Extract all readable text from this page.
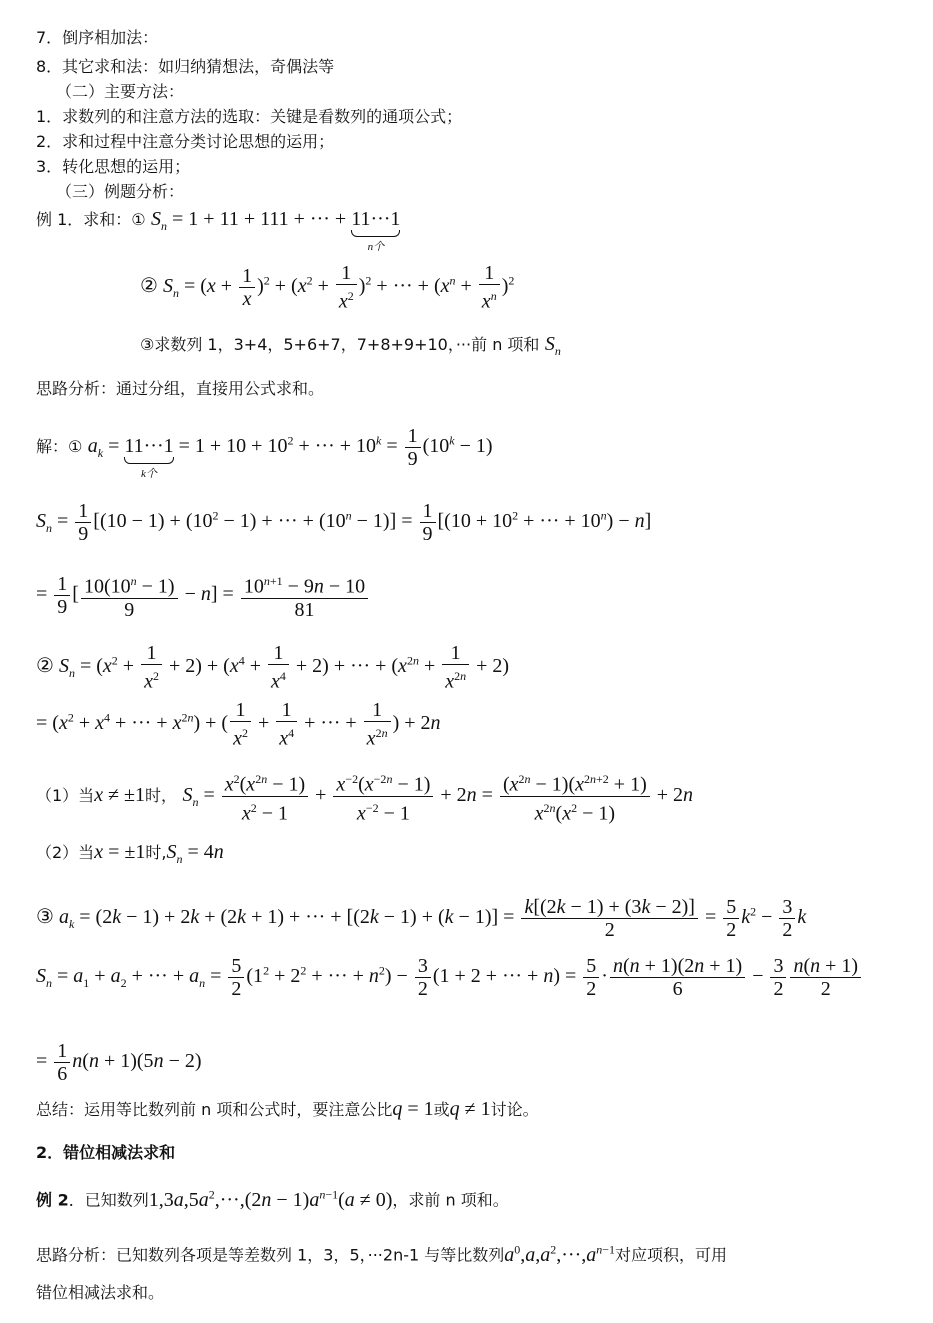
7．倒序相加法：
8．其它求和法：如归纳猜想法，奇偶法等
（二）主要方法：
1．求数列的和注意方法的选取：关键是看数列的通项公式；
2．求和过程中注意分类讨论思想的运用；
3．转化思想的运用；
（三）例题分析：
例 1．求和：① $S_n = 1 + 11 + 111$ + ··· + 11···1
n个
② $S_n = (x + \frac{1}{x} )^2 + (x^2 + \frac{1}{x^2} )^2$ + ··· + $(x^n + \frac{1}{x^n} )^2$
③求数列 1，3+4，5+6+7，7+8+9+10，···前 n 项和 $S_n$
思路分析：通过分组，直接用公式求和。
解：① $a_k = 11\cdot\cdot\cdot 1$
k个
= $1 + 10 + 10^2$ + ··· + $10^k = \frac{1}{9} (10^k - 1)$
$S_n = \frac{1}{9} [(10 - 1) + (10^2 - 1)$ + ··· + $(10^n - 1)] = \frac{1}{9} [(10 + 10^2$ + ··· + $10^n) - n$]
= $\frac{1}{9}$ [ $\frac{10(10^n - 1)}{9} - n] = \frac{10^{n+1} - 9n - 10}{81}$
② $S_n = (x^2 + \frac{1}{x^2} + 2) + (x^4 + \frac{1}{x^4} + 2)$ + ··· + $(x^{2n} + \frac{1}{x^{2n}} + 2)$
= ($x^2 + x^4$ + ··· + $x^{2n}$) + ( $\frac{1}{x^2} + \frac{1}{x^4}$ + ··· + $\frac{1}{x^{2n}}$ ) + 2n
（1）当x ≠ ±1时， $S_n = \frac{x^2(x^{2n} - 1)}{x^2 - 1} + \frac{x^{-2}(x^{-2n} - 1)}{x^{-2} - 1} + 2n = \frac{(x^{2n} - 1)(x^{2n+2} + 1)}{x^{2n}(x^2 - 1)} + 2n$
（2）当x = ±1时$,S_n = 4n$
③ $a_k = (2k - 1) + 2k + (2k + 1)$ + ··· + $[(2k - 1) + (k - 1)] = \frac{k[(2k - 1) + (3k - 2)]}{2} = \frac{5}{2} k^2 - \frac{3}{2}$ k
$S_n = a_1 + a_2$ + ··· + $a_n = \frac{5}{2} (1^2 + 2^2$ + ··· + $n^2) - \frac{3}{2} (1 + 2$ + ··· + $n) = \frac{5}{2} \cdot \frac{n(n + 1)(2n + 1)}{6} - \frac{3}{2} \frac{n(n + 1)}{2}$
= $\frac{1}{6} n(n + 1)(5n - 2)$
总结：运用等比数列前 n 项和公式时，要注意公比q = 1或q ≠ 1讨论。
2．错位相减法求和
例 2．已知数列$1,3a,5a^2,\cdot\cdot\cdot,(2n - 1)a^{n-1}(a \ne 0)$，求前 n 项和。
思路分析：已知数列各项是等差数列 1，3，5，···2n-1 与等比数列$a^0,a,a^2,\cdot\cdot\cdot,a^{n-1}$对应项积，可用
错位相减法求和。
